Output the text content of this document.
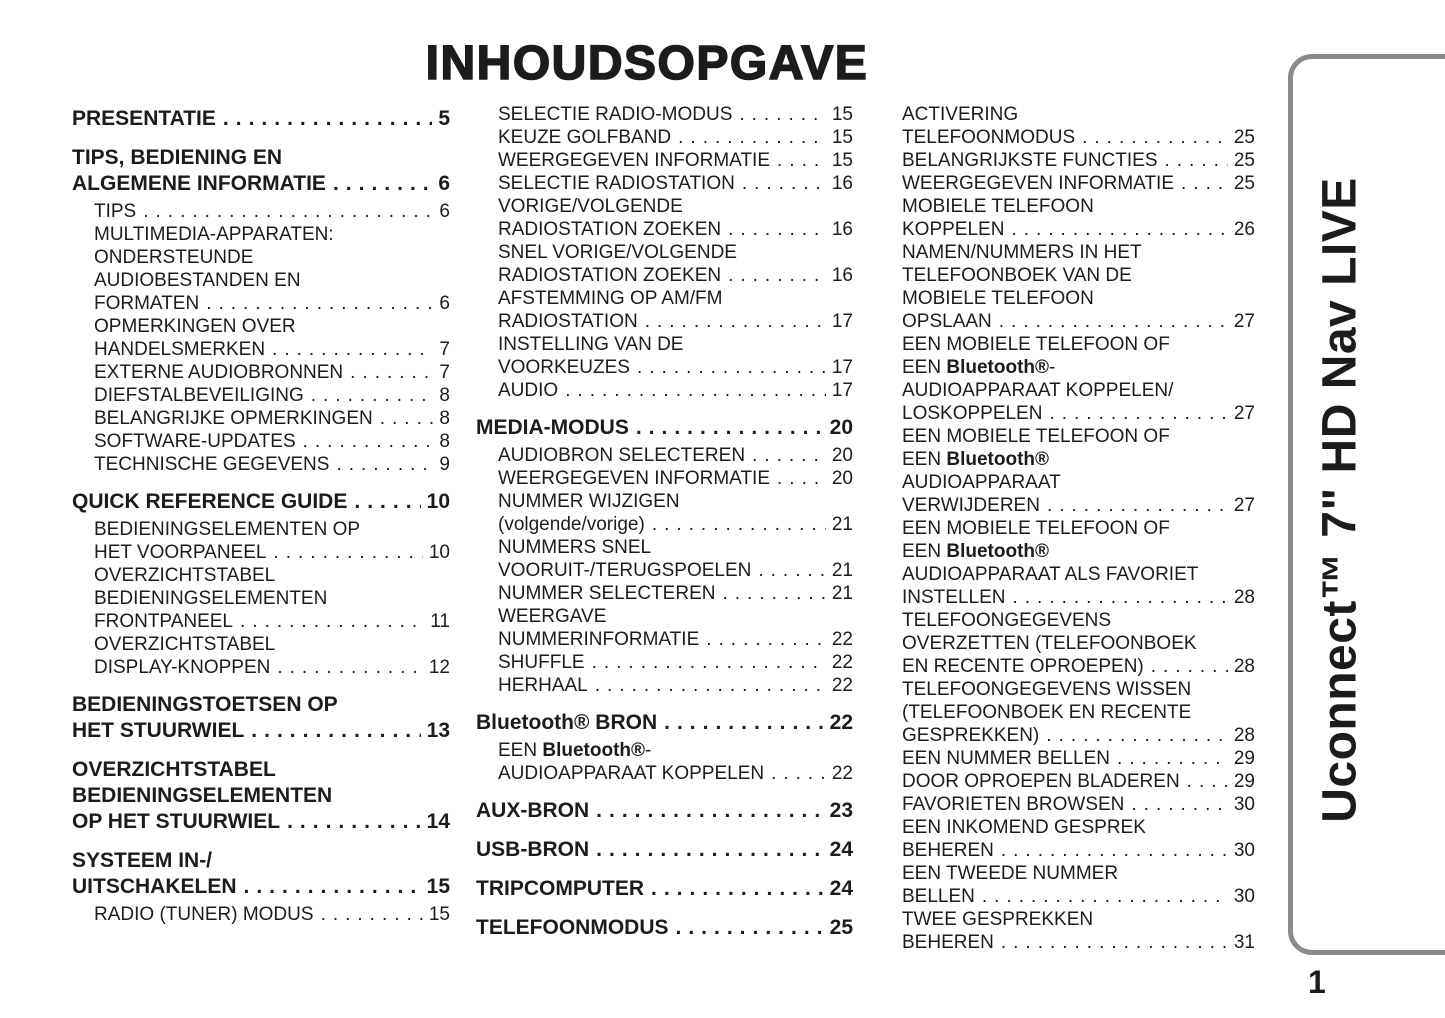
INHOUDSOPGAVE
PRESENTATIE .....	5
TIPS, BEDIENING EN
ALGEMENE INFORMATIE .....	6
TIPS .....	6
MULTIMEDIA-APPARATEN:
ONDERSTEUNDE
AUDIOBESTANDEN EN
FORMATEN .....	6
OPMERKINGEN OVER
HANDELSMERKEN .....	7
EXTERNE AUDIOBRONNEN .....	7
DIEFSTALBEVEILIGING .....	8
BELANGRIJKE OPMERKINGEN .....	8
SOFTWARE-UPDATES .....	8
TECHNISCHE GEGEVENS .....	9
QUICK REFERENCE GUIDE .....	10
BEDIENINGSELEMENTEN OP
HET VOORPANEEL .....	10
OVERZICHTSTABEL
BEDIENINGSELEMENTEN
FRONTPANEEL .....	11
OVERZICHTSTABEL
DISPLAY-KNOPPEN .....	12
BEDIENINGSTOETSEN OP
HET STUURWIEL .....	13
OVERZICHTSTABEL
BEDIENINGSELEMENTEN
OP HET STUURWIEL .....	14
SYSTEEM IN-/
UITSCHAKELEN .....	15
RADIO (TUNER) MODUS .....	15
SELECTIE RADIO-MODUS .....	15
KEUZE GOLFBAND .....	15
WEERGEGEVEN INFORMATIE .....	15
SELECTIE RADIOSTATION .....	16
VORIGE/VOLGENDE
RADIOSTATION ZOEKEN .....	16
SNEL VORIGE/VOLGENDE
RADIOSTATION ZOEKEN .....	16
AFSTEMMING OP AM/FM
RADIOSTATION .....	17
INSTELLING VAN DE
VOORKEUZES .....	17
AUDIO .....	17
MEDIA-MODUS .....	20
AUDIOBRON SELECTEREN .....	20
WEERGEGEVEN INFORMATIE .....	20
NUMMER WIJZIGEN
(volgende/vorige) .....	21
NUMMERS SNEL
VOORUIT-/TERUGSPOELEN .....	21
NUMMER SELECTEREN .....	21
WEERGAVE
NUMMERINFORMATIE .....	22
SHUFFLE .....	22
HERHAAL .....	22
Bluetooth® BRON .....	22
EEN Bluetooth®-
AUDIOAPPARAAT KOPPELEN .....	22
AUX-BRON .....	23
USB-BRON .....	24
TRIPCOMPUTER .....	24
TELEFOONMODUS .....	25
ACTIVERING
TELEFOONMODUS .....	25
BELANGRIJKSTE FUNCTIES .....	25
WEERGEGEVEN INFORMATIE .....	25
MOBIELE TELEFOON
KOPPELEN .....	26
NAMEN/NUMMERS IN HET
TELEFOONBOEK VAN DE
MOBIELE TELEFOON
OPSLAAN .....	27
EEN MOBIELE TELEFOON OF
EEN Bluetooth®-
AUDIOAPPARAAT KOPPELEN/
LOSKOPPELEN .....	27
EEN MOBIELE TELEFOON OF
EEN Bluetooth®
AUDIOAPPARAAT
VERWIJDEREN .....	27
EEN MOBIELE TELEFOON OF
EEN Bluetooth®
AUDIOAPPARAAT ALS FAVORIET
INSTELLEN .....	28
TELEFOONGEGEVENS
OVERZETTEN (TELEFOONBOEK
EN RECENTE OPROEPEN) .....	28
TELEFOONGEGEVENS WISSEN
(TELEFOONBOEK EN RECENTE
GESPREKKEN) .....	28
EEN NUMMER BELLEN .....	29
DOOR OPROEPEN BLADEREN .....	29
FAVORIETEN BROWSEN .....	30
EEN INKOMEND GESPREK
BEHEREN .....	30
EEN TWEEDE NUMMER
BELLEN .....	30
TWEE GESPREKKEN
BEHEREN .....	31
Uconnect™ 7" HD Nav LIVE
1
